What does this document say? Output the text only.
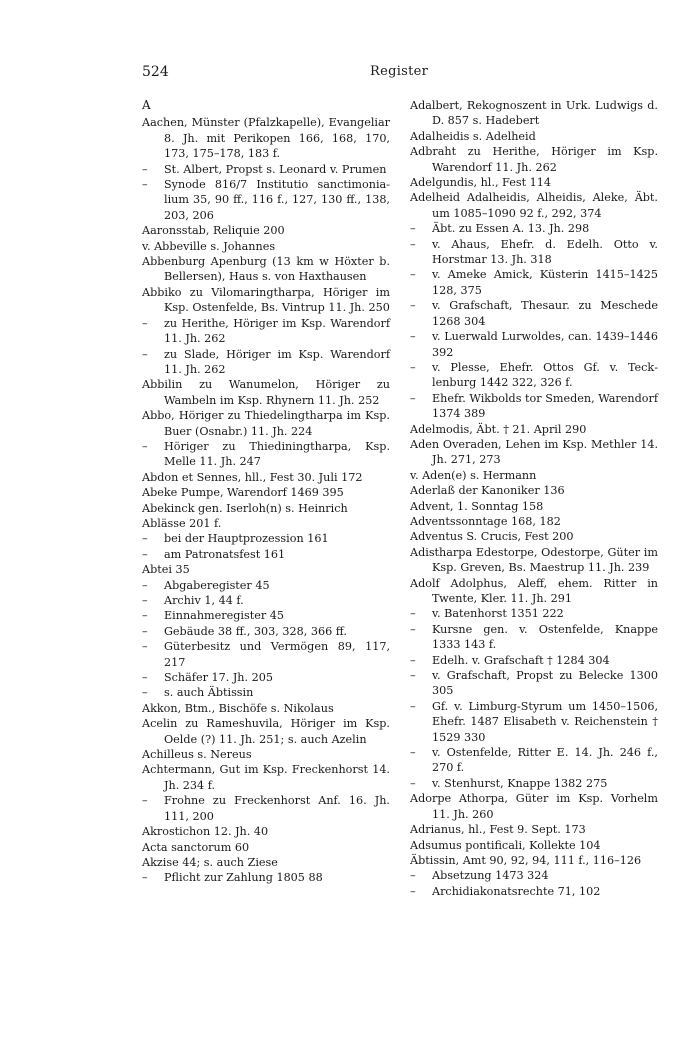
524	Register
A

Aachen, Münster (Pfalzkapelle), Evangeliar 8. Jh. mit Perikopen 166, 168, 170, 173, 175–178, 183 f.

– St. Albert, Propst s. Leonard v. Prumen

– Synode 816/7 Institutio sanctimonialium 35, 90 ff., 116 f., 127, 130 ff., 138, 203, 206

Aaronsstab, Reliquie 200

v. Abbeville s. Johannes

Abbenburg Apenburg (13 km w Höxter b. Bellersen), Haus s. von Haxthausen

Abbiko zu Vilomaringtharpa, Höriger im Ksp. Ostenfelde, Bs. Vintrup 11. Jh. 250

– zu Herithe, Höriger im Ksp. Warendorf 11. Jh. 262

– zu Slade, Höriger im Ksp. Warendorf 11. Jh. 262

Abbilin zu Wanumelon, Höriger zu Wambeln im Ksp. Rhynern 11. Jh. 252

Abbo, Höriger zu Thiedelingtharpa im Ksp. Buer (Osnabr.) 11. Jh. 224

– Höriger zu Thiediningtharpa, Ksp. Melle 11. Jh. 247

Abdon et Sennes, hll., Fest 30. Juli 172

Abeke Pumpe, Warendorf 1469 395

Abekinck gen. Iserloh(n) s. Heinrich

Ablässe 201 f.

– bei der Hauptprozession 161

– am Patronatsfest 161

Abtei 35

– Abgaberegister 45

– Archiv 1, 44 f.

– Einnahmeregister 45

– Gebäude 38 ff., 303, 328, 366 ff.

– Güterbesitz und Vermögen 89, 117, 217

– Schäfer 17. Jh. 205

– s. auch Äbtissin

Akkon, Btm., Bischöfe s. Nikolaus

Acelin zu Rameshuvila, Höriger im Ksp. Oelde (?) 11. Jh. 251; s. auch Azelin

Achilleus s. Nereus

Achtermann, Gut im Ksp. Freckenhorst 14. Jh. 234 f.

– Frohne zu Freckenhorst Anf. 16. Jh. 111, 200

Akrostichon 12. Jh. 40

Acta sanctorum 60

Akzise 44; s. auch Ziese

– Pflicht zur Zahlung 1805 88

Adalbert, Rekognoszent in Urk. Ludwigs d. D. 857 s. Hadebert

Adalheidis s. Adelheid

Adbraht zu Herithe, Höriger im Ksp. Warendorf 11. Jh. 262

Adelgundis, hl., Fest 114

Adelheid Adalheidis, Alheidis, Aleke, Äbt. um 1085–1090 92 f., 292, 374

– Äbt. zu Essen A. 13. Jh. 298

– v. Ahaus, Ehefr. d. Edelh. Otto v. Horstmar 13. Jh. 318

– v. Ameke Amick, Küsterin 1415–1425 128, 375

– v. Grafschaft, Thesaur. zu Meschede 1268 304

– v. Luerwald Lurwoldes, can. 1439–1446 392

– v. Plesse, Ehefr. Ottos Gf. v. Tecklenburg 1442 322, 326 f.

– Ehefr. Wikbolds tor Smeden, Warendorf 1374 389

Adelmodis, Äbt. † 21. April 290

Aden Overaden, Lehen im Ksp. Methler 14. Jh. 271, 273

v. Aden(e) s. Hermann

Aderlaß der Kanoniker 136

Advent, 1. Sonntag 158

Adventssonntage 168, 182

Adventus S. Crucis, Fest 200

Adistharpa Edestorpe, Odestorpe, Güter im Ksp. Greven, Bs. Maestrup 11. Jh. 239

Adolf Adolphus, Aleff, ehem. Ritter in Twente, Kler. 11. Jh. 291

– v. Batenhorst 1351 222

– Kursne gen. v. Ostenfelde, Knappe 1333 143 f.

– Edelh. v. Grafschaft † 1284 304

– v. Grafschaft, Propst zu Belecke 1300 305

– Gf. v. Limburg-Styrum um 1450–1506, Ehefr. 1487 Elisabeth v. Reichenstein † 1529 330

– v. Ostenfelde, Ritter E. 14. Jh. 246 f., 270 f.

– v. Stenhurst, Knappe 1382 275

Adorpe Athorpa, Güter im Ksp. Vorhelm 11. Jh. 260

Adrianus, hl., Fest 9. Sept. 173

Adsumus pontificali, Kollekte 104

Äbtissin, Amt 90, 92, 94, 111 f., 116–126

– Absetzung 1473 324

– Archidiakonatsrechte 71, 102
